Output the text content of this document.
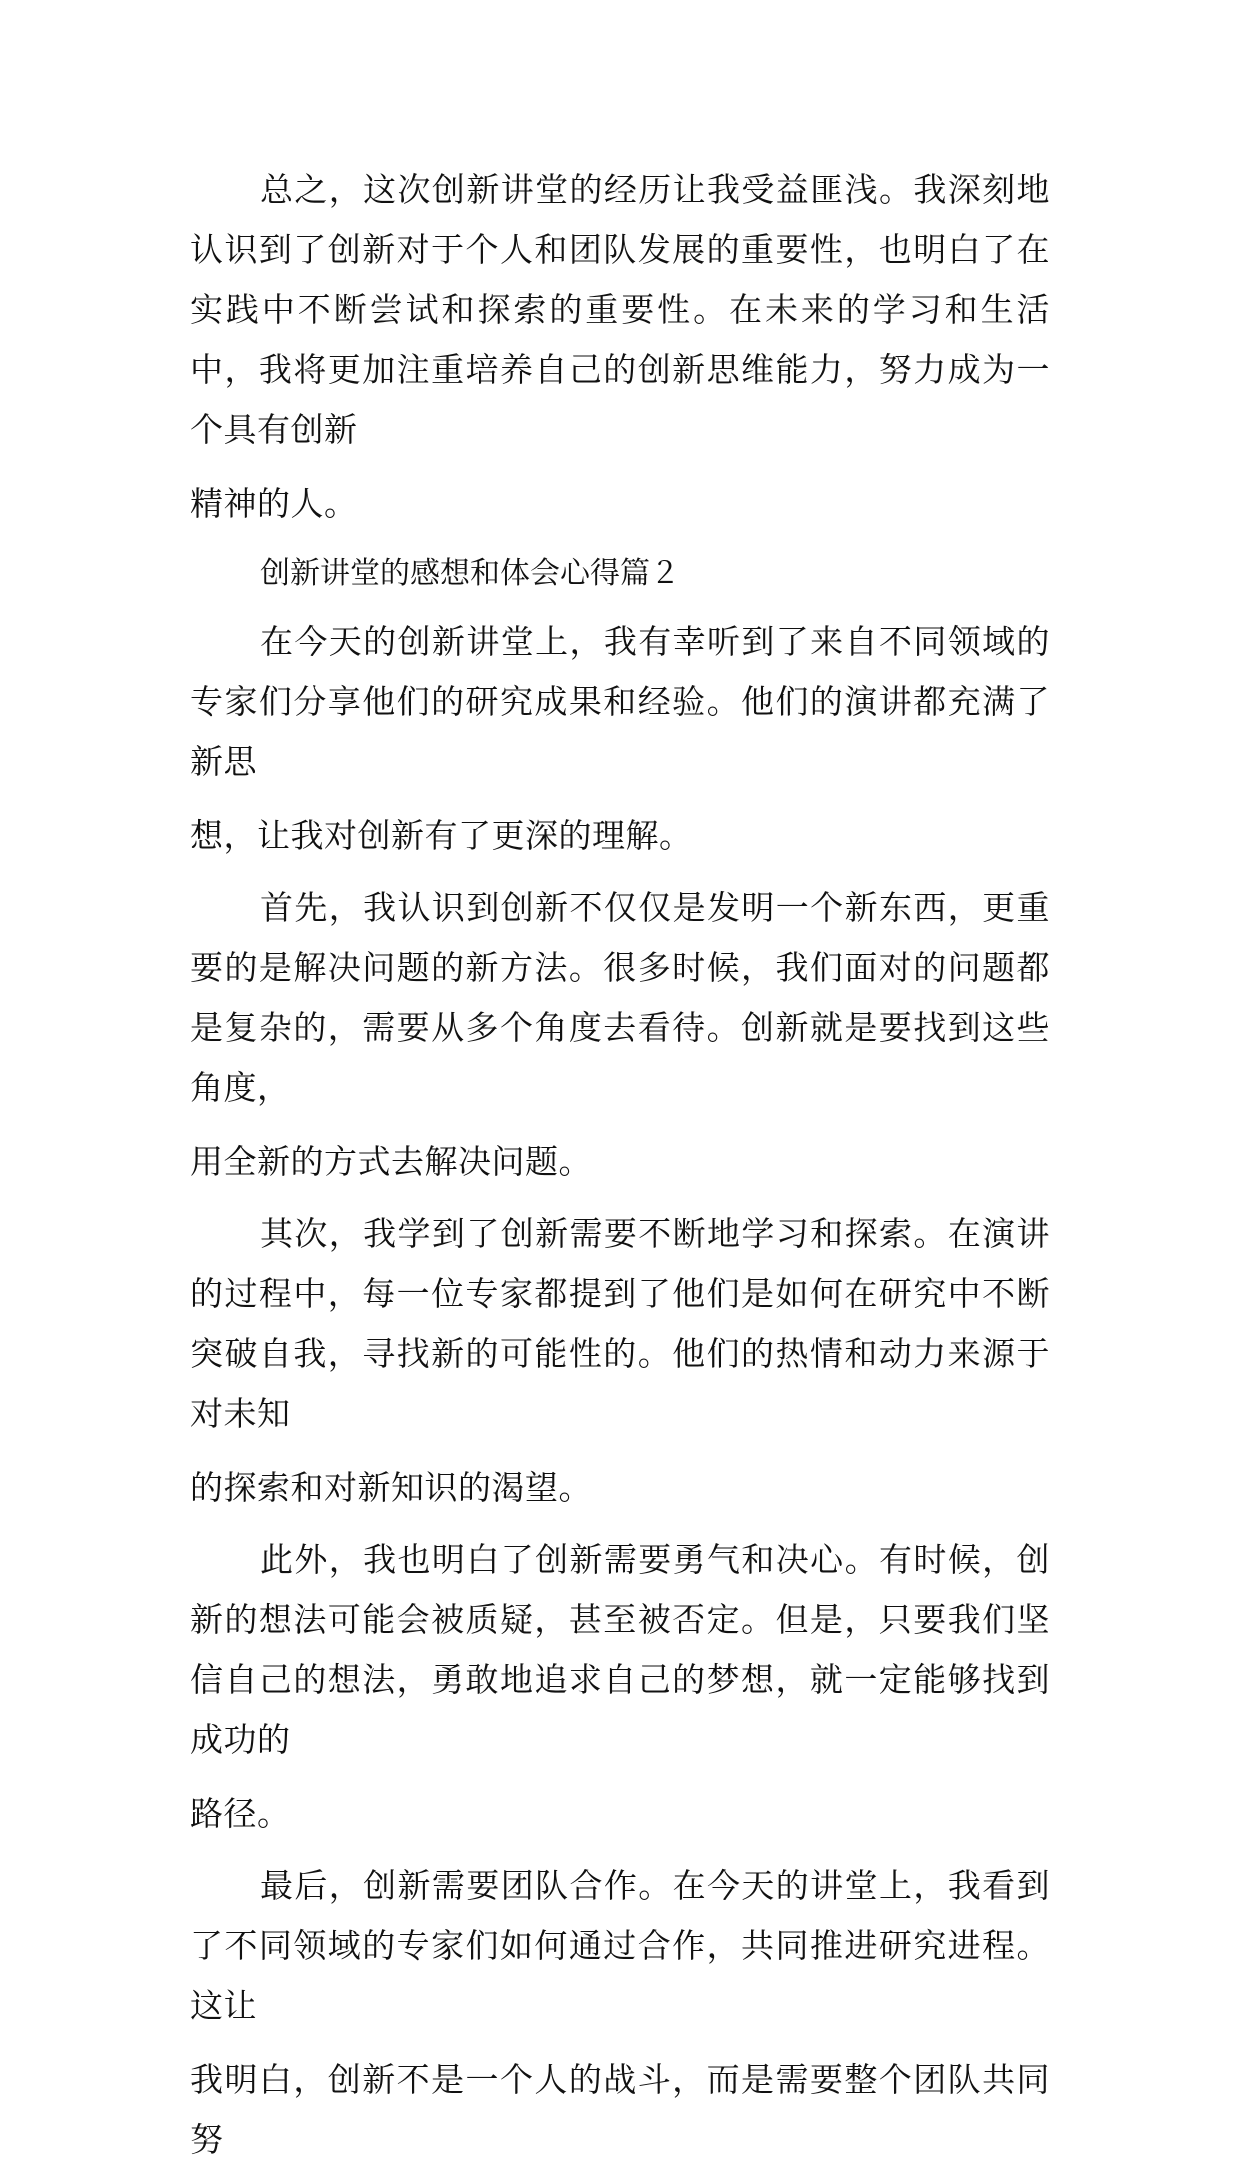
总之，这次创新讲堂的经历让我受益匪浅。我深刻地认识到了创新对于个人和团队发展的重要性，也明白了在实践中不断尝试和探索的重要性。在未来的学习和生活中，我将更加注重培养自己的创新思维能力，努力成为一个具有创新
精神的人。

创新讲堂的感想和体会心得篇２

在今天的创新讲堂上，我有幸听到了来自不同领域的专家们分享他们的研究成果和经验。他们的演讲都充满了新思
想，让我对创新有了更深的理解。

首先，我认识到创新不仅仅是发明一个新东西，更重要的是解决问题的新方法。很多时候，我们面对的问题都是复杂的，需要从多个角度去看待。创新就是要找到这些角度，
用全新的方式去解决问题。

其次，我学到了创新需要不断地学习和探索。在演讲的过程中，每一位专家都提到了他们是如何在研究中不断突破自我，寻找新的可能性的。他们的热情和动力来源于对未知
的探索和对新知识的渴望。

此外，我也明白了创新需要勇气和决心。有时候，创新的想法可能会被质疑，甚至被否定。但是，只要我们坚信自己的想法，勇敢地追求自己的梦想，就一定能够找到成功的
路径。

最后，创新需要团队合作。在今天的讲堂上，我看到了不同领域的专家们如何通过合作，共同推进研究进程。这让
我明白，创新不是一个人的战斗，而是需要整个团队共同努
